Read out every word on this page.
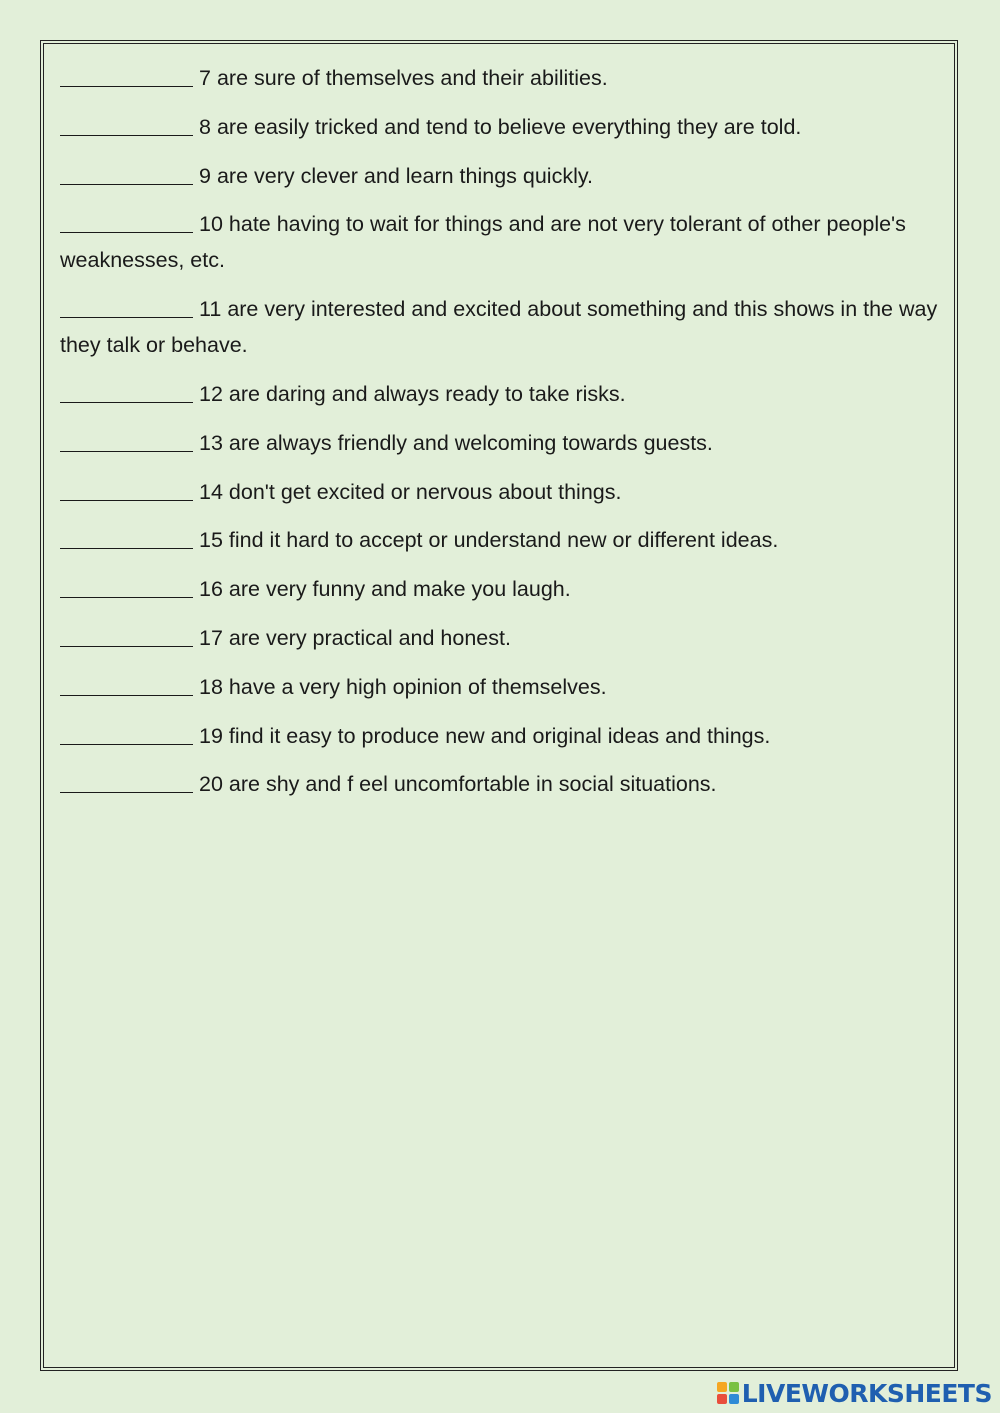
7 are sure of themselves and their abilities.
8 are easily tricked and tend to believe everything they are told.
9 are very clever and learn things quickly.
10 hate having to wait for things and are not very tolerant of other people's weaknesses, etc.
11 are very interested and excited about something and this shows in the way they talk or behave.
12 are daring and always ready to take risks.
13 are always friendly and welcoming towards guests.
14 don't get excited or nervous about things.
15 find it hard to accept or understand new or different ideas.
16 are very funny and make you laugh.
17 are very practical and honest.
18 have a very high opinion of themselves.
19 find it easy to produce new and original ideas and things.
20 are shy and f eel uncomfortable in social situations.
LIVEWORKSHEETS
